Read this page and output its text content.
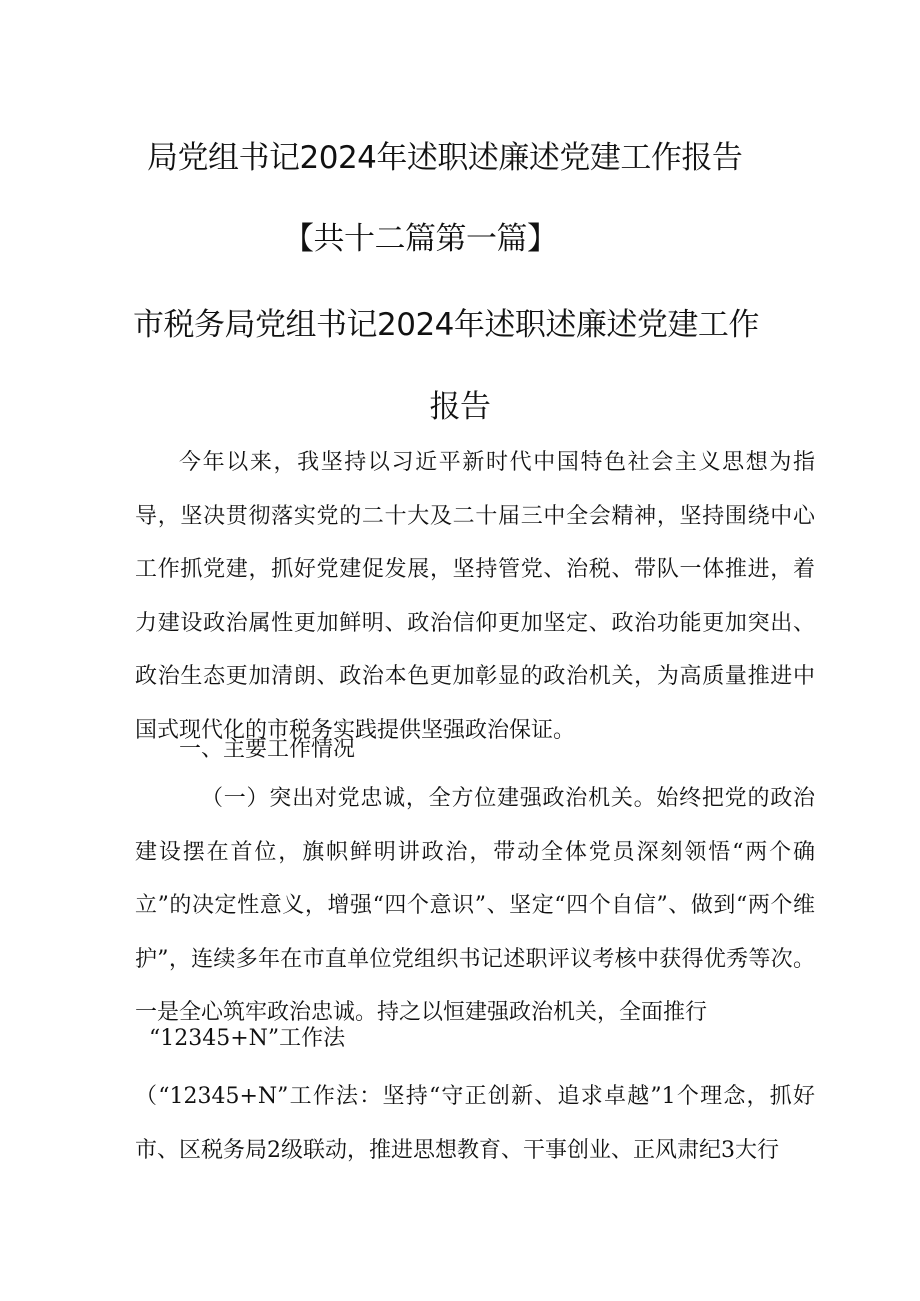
局党组书记2024年述职述廉述党建工作报告
【共十二篇第一篇】
市税务局党组书记2024年述职述廉述党建工作
报告
今年以来，我坚持以习近平新时代中国特色社会主义思想为指导，坚决贯彻落实党的二十大及二十届三中全会精神，坚持围绕中心工作抓党建，抓好党建促发展，坚持管党、治税、带队一体推进，着力建设政治属性更加鲜明、政治信仰更加坚定、政治功能更加突出、政治生态更加清朗、政治本色更加彰显的政治机关，为高质量推进中国式现代化的市税务实践提供坚强政治保证。
一、主要工作情况
（一）突出对党忠诚，全方位建强政治机关。始终把党的政治建设摆在首位，旗帜鲜明讲政治，带动全体党员深刻领悟“两个确立”的决定性意义，增强“四个意识”、坚定“四个自信”、做到“两个维护”，连续多年在市直单位党组织书记述职评议考核中获得优秀等次。一是全心筑牢政治忠诚。持之以恒建强政治机关，全面推行
“12345+N”工作法
（“12345+N”工作法：坚持“守正创新、追求卓越”1个理念，抓好市、区税务局2级联动，推进思想教育、干事创业、正风肃纪3大行
